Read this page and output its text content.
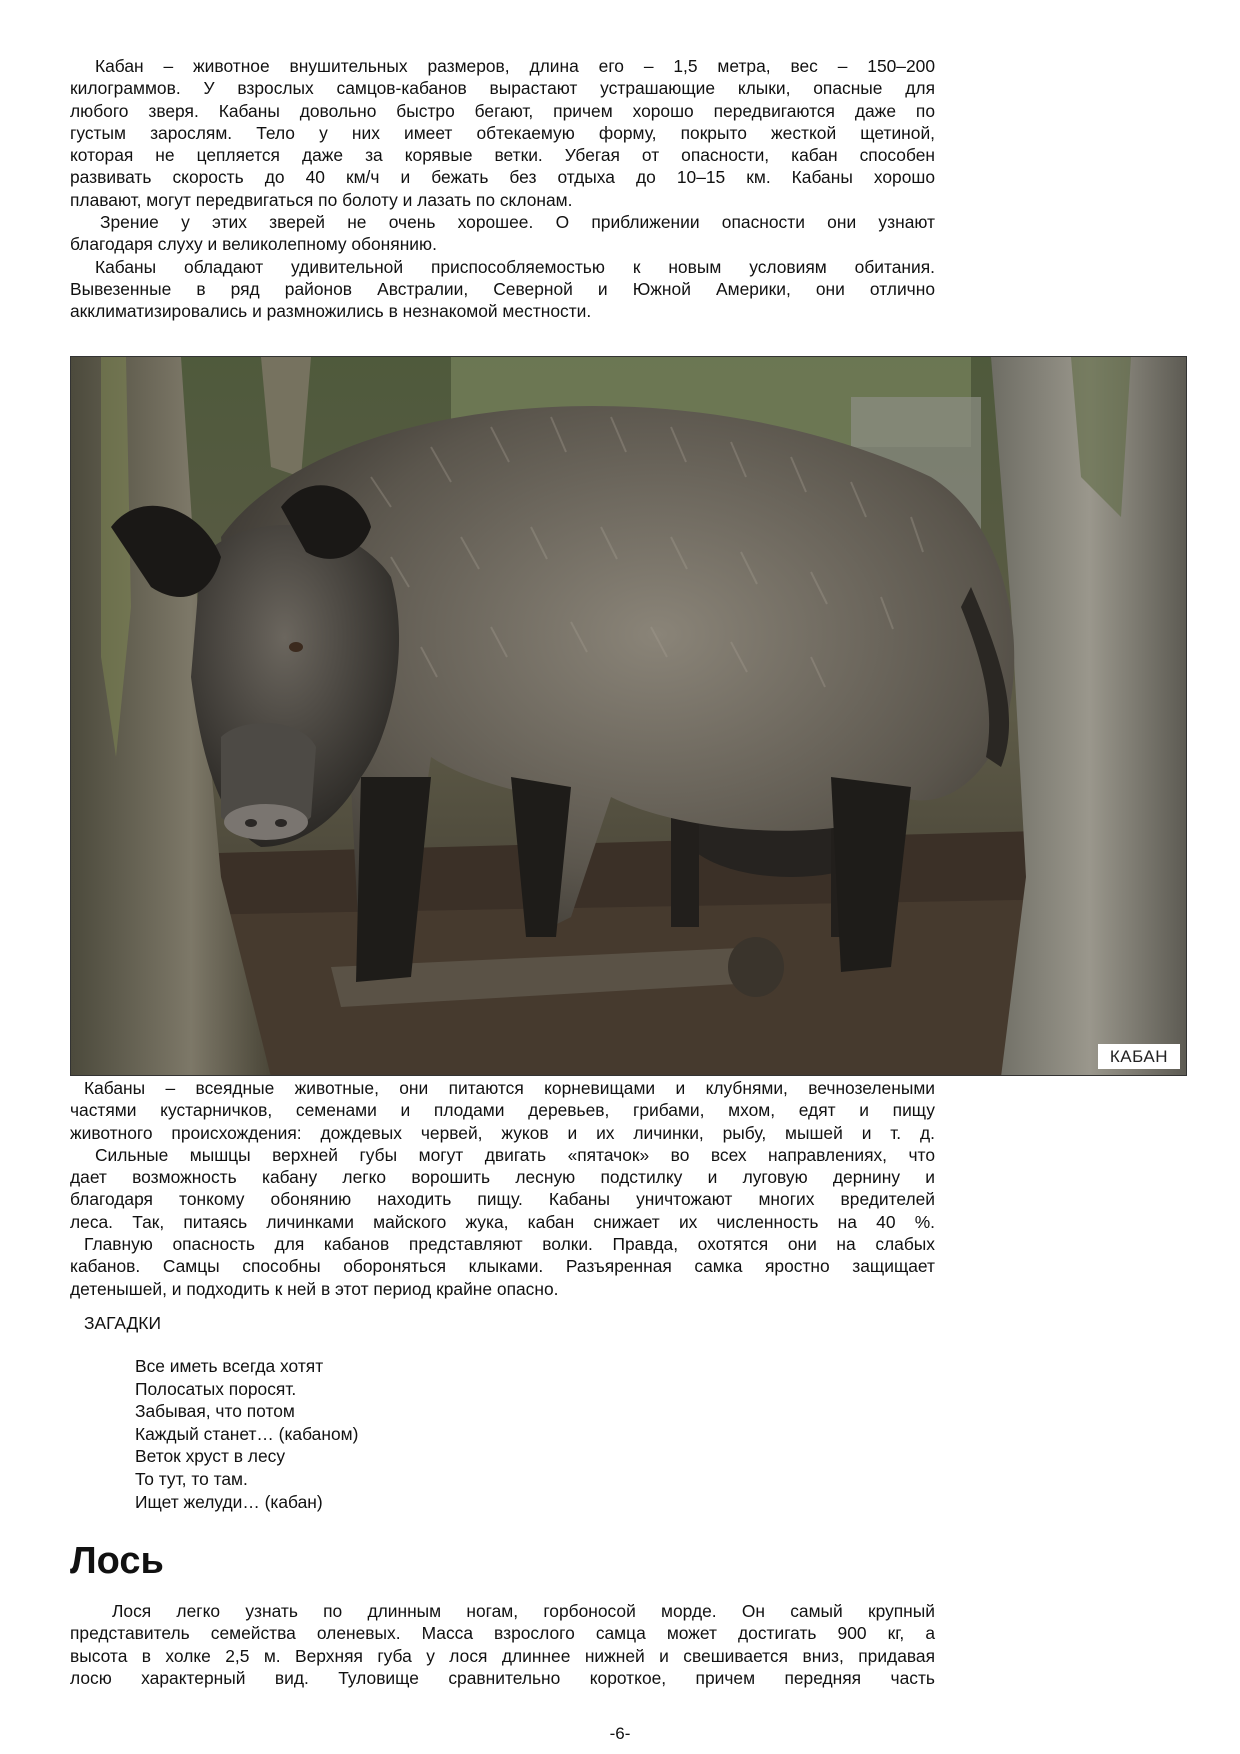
Кабан – животное внушительных размеров, длина его – 1,5 метра, вес – 150–200
килограммов. У взрослых самцов-кабанов вырастают устрашающие клыки, опасные для
любого зверя. Кабаны довольно быстро бегают, причем хорошо передвигаются даже по
густым зарослям. Тело у них имеет обтекаемую форму, покрыто жесткой щетиной,
которая не цепляется даже за корявые ветки. Убегая от опасности, кабан способен
развивать скорость до 40 км/ч и бежать без отдыха до 10–15 км. Кабаны хорошо
плавают, могут передвигаться по болоту и лазать по склонам.
Зрение у этих зверей не очень хорошее. О приближении опасности они узнают
благодаря слуху и великолепному обонянию.
Кабаны обладают удивительной приспособляемостью к новым условиям обитания.
Вывезенные в ряд районов Австралии, Северной и Южной Америки, они отлично
акклиматизировались и размножились в незнакомой местности.
КАБАН
Кабаны – всеядные животные, они питаются корневищами и клубнями, вечнозелеными
частями кустарничков, семенами и плодами деревьев, грибами, мхом, едят и пищу
животного происхождения: дождевых червей, жуков и их личинки, рыбу, мышей и т. д.
Сильные мышцы верхней губы могут двигать «пятачок» во всех направлениях, что
дает возможность кабану легко ворошить лесную подстилку и луговую дернину и
благодаря тонкому обонянию находить пищу. Кабаны уничтожают многих вредителей
леса. Так, питаясь личинками майского жука, кабан снижает их численность на 40 %.
Главную опасность для кабанов представляют волки. Правда, охотятся они на слабых
кабанов. Самцы способны обороняться клыками. Разъяренная самка яростно защищает
детенышей, и подходить к ней в этот период крайне опасно.

ЗАГАДКИ

Все иметь всегда хотят
Полосатых поросят.
Забывая, что потом
Каждый станет… (кабаном)
Веток хруст в лесу
То тут, то там.
Ищет желуди… (кабан)
Лось
Лося легко узнать по длинным ногам, горбоносой морде. Он самый крупный
представитель семейства оленевых. Масса взрослого самца может достигать 900 кг, а
высота в холке 2,5 м. Верхняя губа у лося длиннее нижней и свешивается вниз, придавая
лосю характерный вид. Туловище сравнительно короткое, причем передняя часть
-6-
